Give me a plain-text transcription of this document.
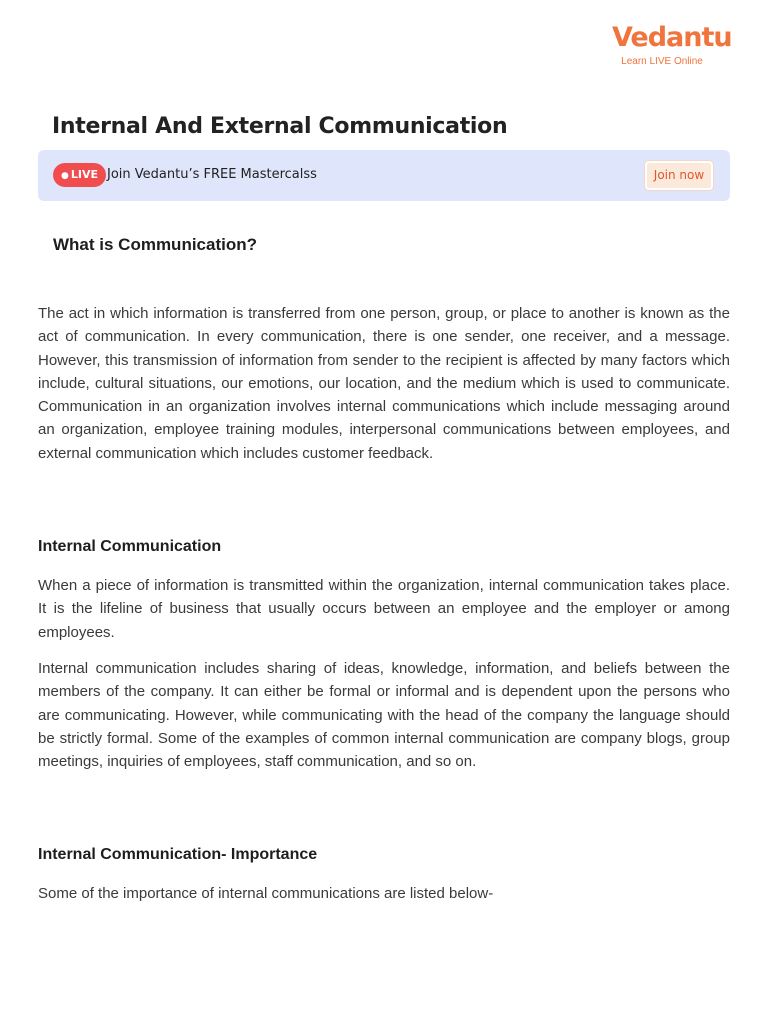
Vedantu
Learn LIVE Online
Internal And External Communication
● LIVE Join Vedantu’s FREE Mastercalss	Join now
What is Communication?

The act in which information is transferred from one person, group, or place to another is known as the act of communication. In every communication, there is one sender, one receiver, and a message. However, this transmission of information from sender to the recipient is affected by many factors which include, cultural situations, our emotions, our location, and the medium which is used to communicate. Communication in an organization involves internal communications which include messaging around an organization, employee training modules, interpersonal communications between employees, and external communication which includes customer feedback.

Internal Communication

When a piece of information is transmitted within the organization, internal communication takes place. It is the lifeline of business that usually occurs between an employee and the employer or among employees.

Internal communication includes sharing of ideas, knowledge, information, and beliefs between the members of the company. It can either be formal or informal and is dependent upon the persons who are communicating. However, while communicating with the head of the company the language should be strictly formal. Some of the examples of common internal communication are company blogs, group meetings, inquiries of employees, staff communication, and so on.

Internal Communication- Importance

Some of the importance of internal communications are listed below-
